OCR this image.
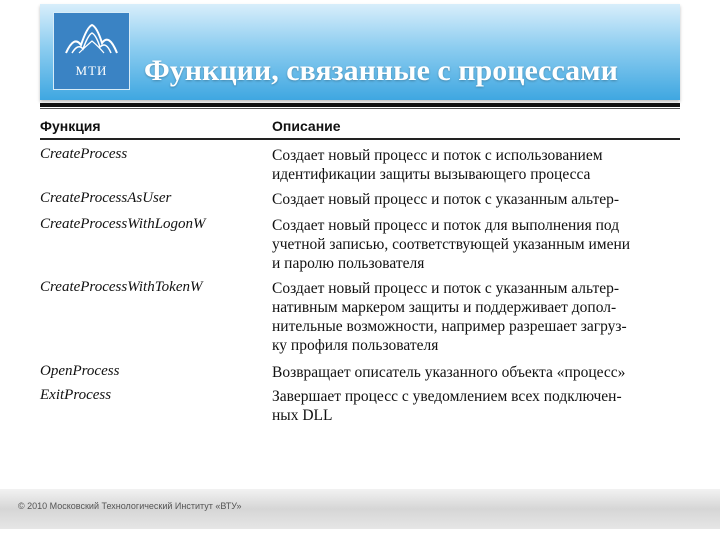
МТИ	Функции, связанные с процессами
Функция	Описание
CreateProcess	Создает новый процесс и поток с использованием
идентификации защиты вызывающего процесса
CreateProcessAsUser	Создает новый процесс и поток с указанным альтер-
CreateProcessWithLogonW	Создает новый процесс и поток для выполнения под
учетной записью, соответствующей указанным имени
и паролю пользователя
CreateProcessWithTokenW	Создает новый процесс и поток с указанным альтер-
нативным маркером защиты и поддерживает допол-
нительные возможности, например разрешает загруз-
ку профиля пользователя
OpenProcess	Возвращает описатель указанного объекта «процесс»
ExitProcess	Завершает процесс с уведомлением всех подключен-
ных DLL
© 2010 Московский Технологический Институт «ВТУ»
